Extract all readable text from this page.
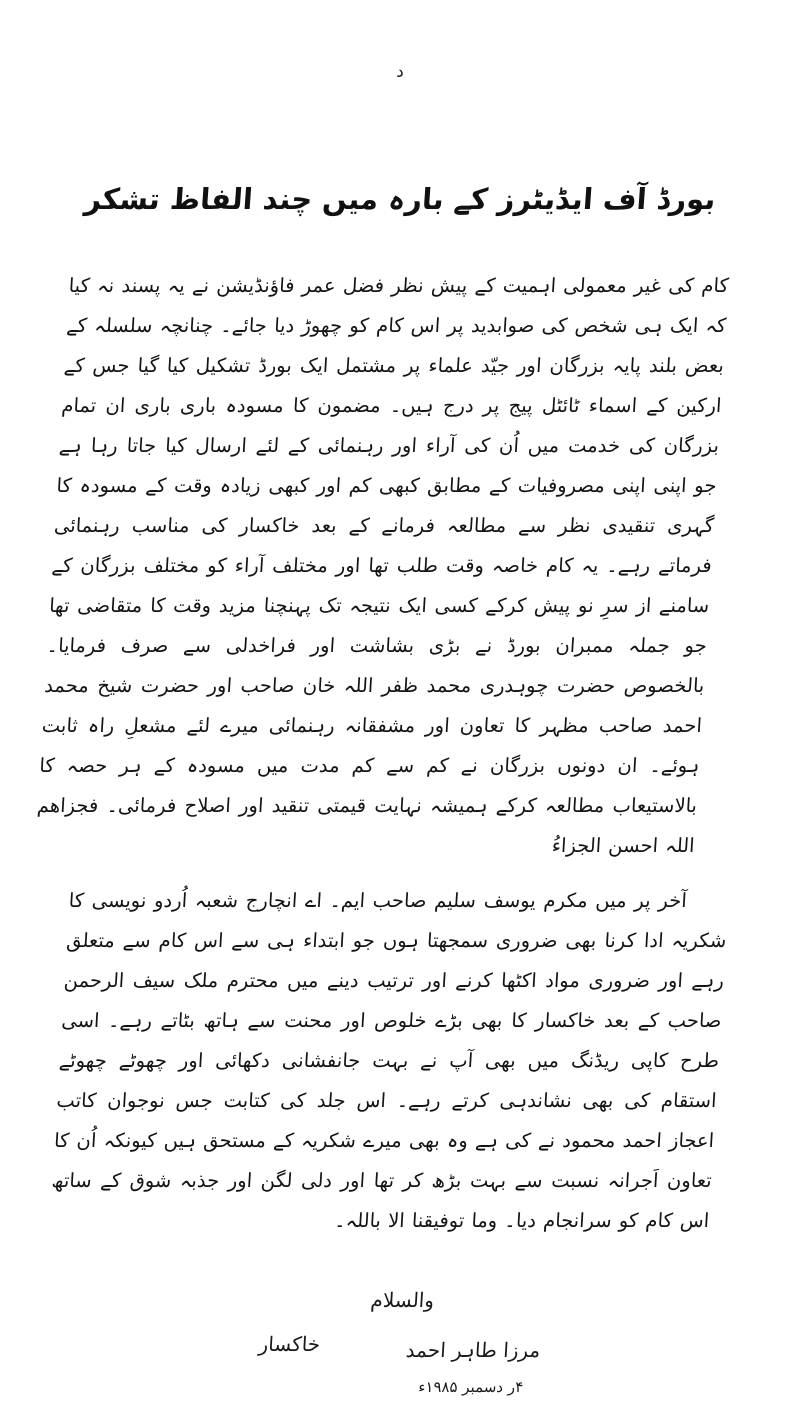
د
بورڈ آف ایڈیٹرز کے بارہ میں چند الفاظ تشکر

کام کی غیر معمولی اہمیت کے پیش نظر فضل عمر فاؤنڈیشن نے یہ پسند نہ کیا کہ ایک ہی شخص کی صوابدید پر اس کام کو چھوڑ دیا جائے۔ چنانچہ سلسلہ کے بعض بلند پایہ بزرگان اور جیّد علماء پر مشتمل ایک بورڈ تشکیل کیا گیا جس کے ارکین کے اسماء ٹائٹل پیج پر درج ہیں۔ مضمون کا مسودہ باری باری ان تمام بزرگان کی خدمت میں اُن کی آراء اور رہنمائی کے لئے ارسال کیا جاتا رہا ہے جو اپنی اپنی مصروفیات کے مطابق کبھی کم اور کبھی زیادہ وقت کے مسودہ کا گہری تنقیدی نظر سے مطالعہ فرمانے کے بعد خاکسار کی مناسب رہنمائی فرماتے رہے۔ یہ کام خاصہ وقت طلب تھا اور مختلف آراء کو مختلف بزرگان کے سامنے از سرِ نو پیش کرکے کسی ایک نتیجہ تک پہنچنا مزید وقت کا متقاضی تھا جو جملہ ممبران بورڈ نے بڑی بشاشت اور فراخدلی سے صرف فرمایا۔ بالخصوص حضرت چوہدری محمد ظفر اللہ خان صاحب اور حضرت شیخ محمد احمد صاحب مظہر کا تعاون اور مشفقانہ رہنمائی میرے لئے مشعلِ راہ ثابت ہوئے۔ ان دونوں بزرگان نے کم سے کم مدت میں مسودہ کے ہر حصہ کا بالاستیعاب مطالعہ کرکے ہمیشہ نہایت قیمتی تنقید اور اصلاح فرمائی۔ فجزاھم اللہ احسن الجزاءُ

آخر پر میں مکرم یوسف سلیم صاحب ایم۔ اے انچارج شعبہ اُردو نویسی کا شکریہ ادا کرنا بھی ضروری سمجھتا ہوں جو ابتداء ہی سے اس کام سے متعلق رہے اور ضروری مواد اکٹھا کرنے اور ترتیب دینے میں محترم ملک سیف الرحمن صاحب کے بعد خاکسار کا بھی بڑے خلوص اور محنت سے ہاتھ بٹاتے رہے۔ اسی طرح کاپی ریڈنگ میں بھی آپ نے بہت جانفشانی دکھائی اور چھوٹے چھوٹے استقام کی بھی نشاندہی کرتے رہے۔ اس جلد کی کتابت جس نوجوان کاتب اعجاز احمد محمود نے کی ہے وہ بھی میرے شکریہ کے مستحق ہیں کیونکہ اُن کا تعاون اَجرانہ نسبت سے بہت بڑھ کر تھا اور دلی لگن اور جذبہ شوق کے ساتھ اس کام کو سرانجام دیا۔ وما توفیقنا الا باللہ۔

والسلام
مرزا طاہر احمد
۴ر دسمبر ۱۹۸۵ء
خاکسار
